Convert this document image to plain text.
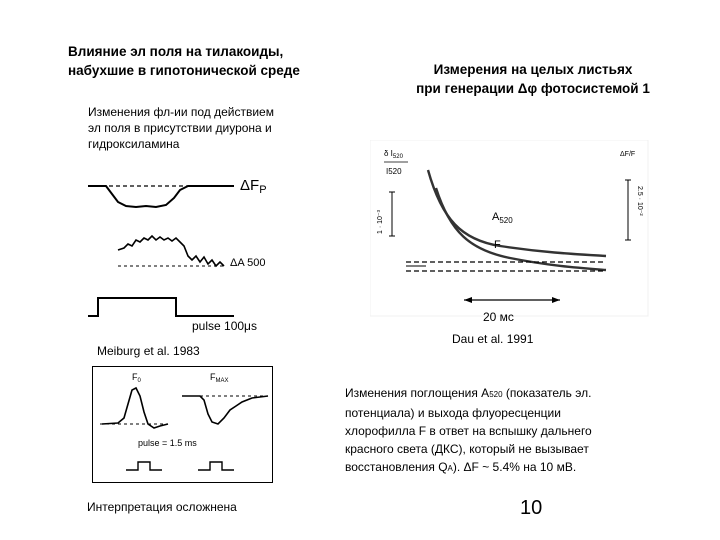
Влияние эл поля на тилакоиды,
набухшие в гипотонической среде	Измерения на целых листьях
при генерации Δφ фотосистемой 1
Изменения фл-ии под действием
эл поля в присутствии диурона и
гидроксиламина
$\Delta F_P$
ΔA 500
pulse 100μs
Meiburg et al. 1983
δ $I_{520}$
I520
1 · 10⁻³
ΔF/F
2.5 · 10⁻²
$A_{520}$
F
20 мс
Dau et al. 1991
$F_0$	$F_{MAX}$
pulse = 1.5 ms
Интерпретация осложнена
Изменения поглощения А520 (показатель эл.
потенциала) и выхода флуоресценции
хлорофилла F в ответ на вспышку дальнего
красного света (ДКС), который не вызывает
восстановления QA). ΔF ~ 5.4% на 10 мВ.
10
